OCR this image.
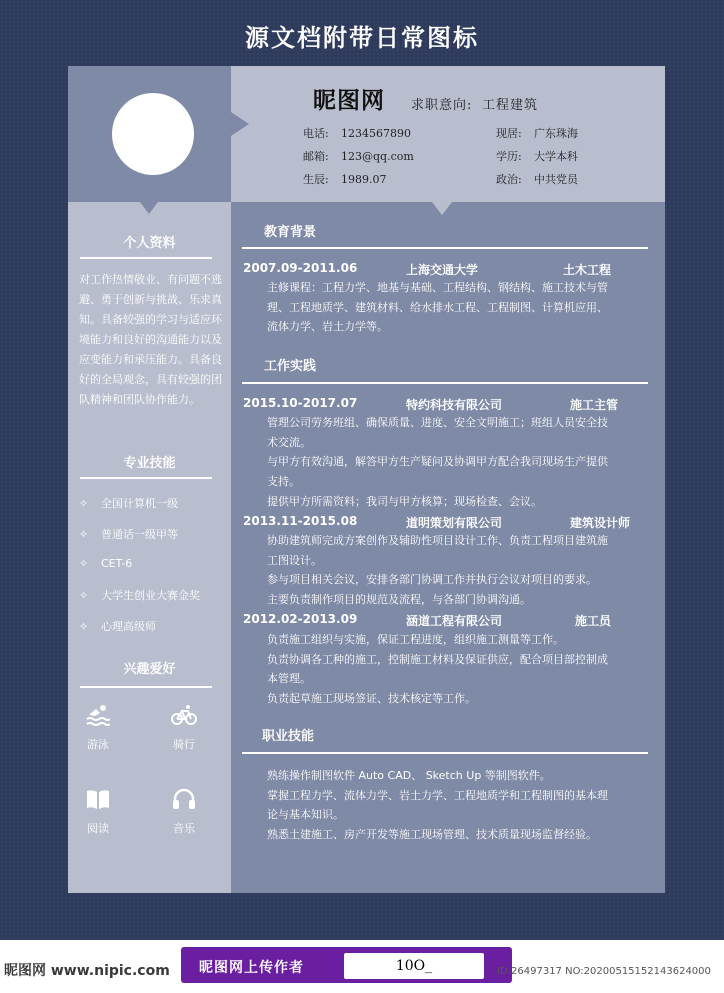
源文档附带日常图标
昵图网 求职意向: 工程建筑
电话: 1234567890	现居: 广东珠海
邮箱: 123@qq.com	学历: 大学本科
生辰: 1989.07	政治: 中共党员
个人资料
对工作热情敬业、有问题不逃避、勇于创新与挑战、乐求真知。具备较强的学习与适应环境能力和良好的沟通能力以及应变能力和承压能力。具备良好的全局观念，具有较强的团队精神和团队协作能力。
专业技能
✧ 全国计算机一级
✧ 普通话一级甲等
✧ CET-6
✧ 大学生创业大赛金奖
✧ 心理高级师
兴趣爱好
游泳	骑行
阅读	音乐
教育背景
2007.09-2011.06	上海交通大学	土木工程
主修课程：工程力学、地基与基础、工程结构、钢结构、施工技术与管
理、工程地质学、建筑材料、给水排水工程、工程制图、计算机应用、
流体力学、岩土力学等。
工作实践
2015.10-2017.07	特约科技有限公司	施工主管
管理公司劳务班组、确保质量、进度、安全文明施工；班组人员安全技
术交流。
与甲方有效沟通，解答甲方生产疑问及协调甲方配合我司现场生产提供
支持。
提供甲方所需资料；我司与甲方核算；现场检查、会议。
2013.11-2015.08	道明策划有限公司	建筑设计师
协助建筑师完成方案创作及辅助性项目设计工作、负责工程项目建筑施
工图设计。
参与项目相关会议，安排各部门协调工作并执行会议对项目的要求。
主要负责制作项目的规范及流程，与各部门协调沟通。
2012.02-2013.09	涵道工程有限公司	施工员
负责施工组织与实施，保证工程进度，组织施工测量等工作。
负责协调各工种的施工，控制施工材料及保证供应，配合项目部控制成
本管理。
负责起草施工现场签证、技术核定等工作。
职业技能
熟练操作制图软件 Auto CAD、 Sketch Up 等制图软件。
掌握工程力学、流体力学、岩土力学、工程地质学和工程制图的基本理
论与基本知识。
熟悉土建施工、房产开发等施工现场管理、技术质量现场监督经验。
昵图网 www.nipic.com 昵图网上传作者	10O_	ID:26497317 NO:20200515152143624000
